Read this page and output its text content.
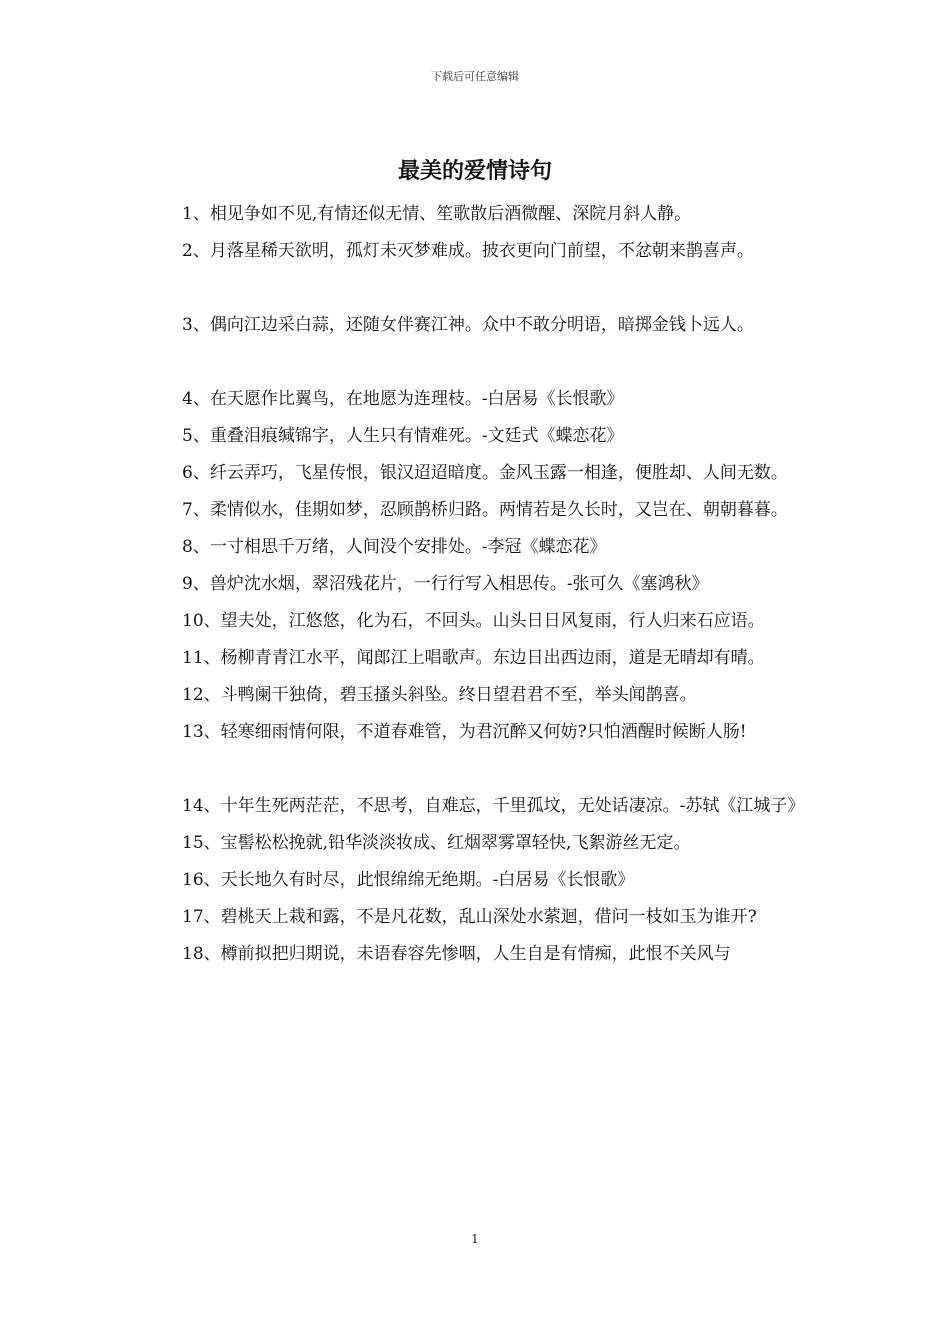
下载后可任意编辑
最美的爱情诗句

1、相见争如不见,有情还似无情、笙歌散后酒微醒、深院月斜人静。

2、月落星稀天欲明，孤灯未灭梦难成。披衣更向门前望，不忿朝来鹊喜声。

3、偶向江边采白蒜，还随女伴赛江神。众中不敢分明语，暗掷金钱卜远人。

4、在天愿作比翼鸟，在地愿为连理枝。-白居易《长恨歌》

5、重叠泪痕缄锦字，人生只有情难死。-文廷式《蝶恋花》

6、纤云弄巧，飞星传恨，银汉迢迢暗度。金风玉露一相逢，便胜却、人间无数。

7、柔情似水，佳期如梦，忍顾鹊桥归路。两情若是久长时，又岂在、朝朝暮暮。

8、一寸相思千万绪，人间没个安排处。-李冠《蝶恋花》

9、兽炉沈水烟，翠沼残花片，一行行写入相思传。-张可久《塞鸿秋》

10、望夫处，江悠悠，化为石，不回头。山头日日风复雨，行人归来石应语。

11、杨柳青青江水平，闻郎江上唱歌声。东边日出西边雨，道是无晴却有晴。

12、斗鸭阑干独倚，碧玉搔头斜坠。终日望君君不至，举头闻鹊喜。

13、轻寒细雨情何限，不道春难管，为君沉醉又何妨?只怕酒醒时候断人肠!

14、十年生死两茫茫，不思考，自难忘，千里孤坟，无处话凄凉。-苏轼《江城子》

15、宝髻松松挽就,铅华淡淡妆成、红烟翠雾罩轻快,飞絮游丝无定。

16、天长地久有时尽，此恨绵绵无绝期。-白居易《长恨歌》

17、碧桃天上栽和露，不是凡花数，乱山深处水萦迴，借问一枝如玉为谁开?

18、樽前拟把归期说，未语春容先惨咽，人生自是有情痴，此恨不关风与

1
